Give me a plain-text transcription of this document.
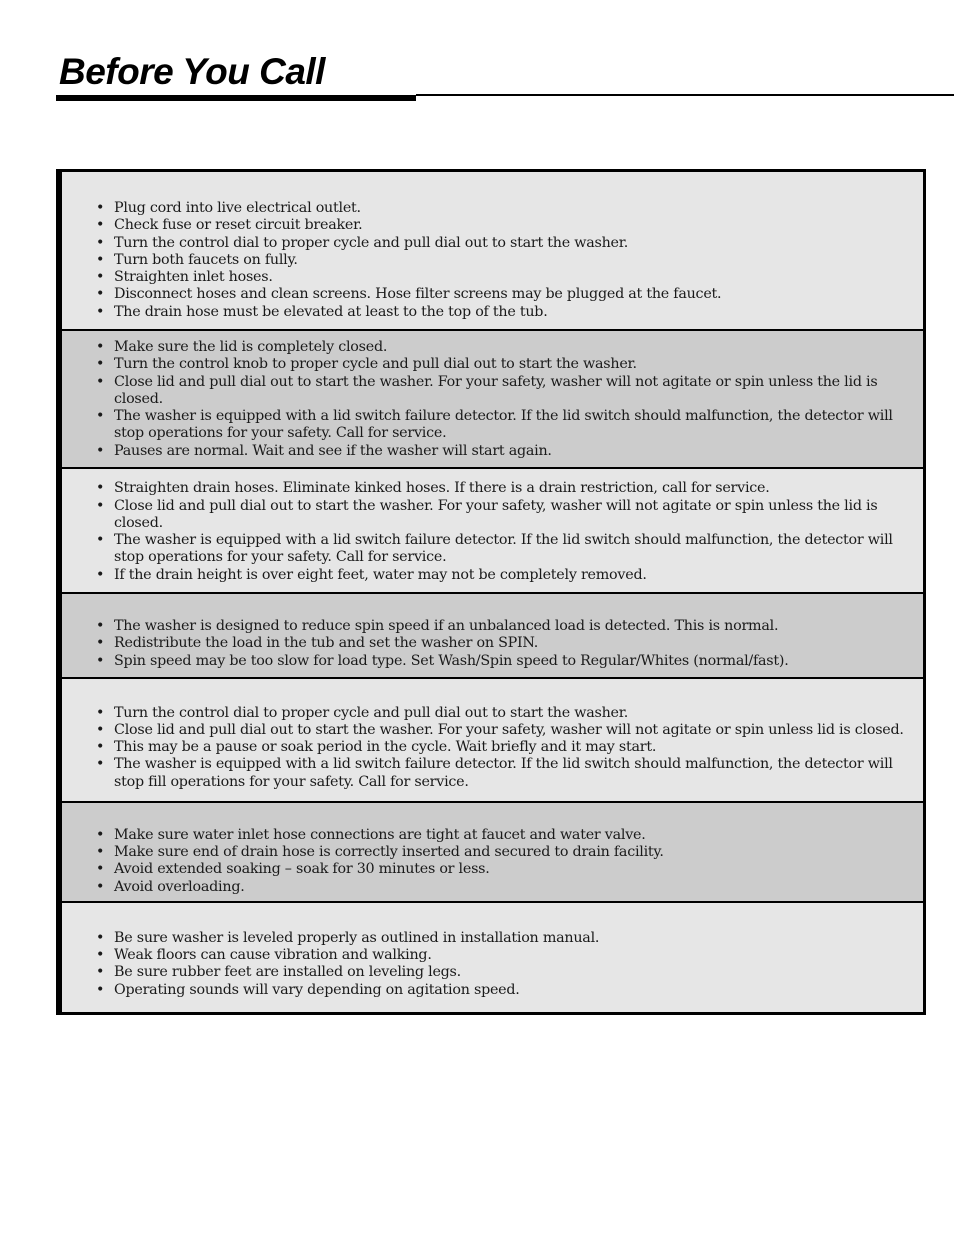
Before You Call
• Plug cord into live electrical outlet.
• Check fuse or reset circuit breaker.
• Turn the control dial to proper cycle and pull dial out to start the washer.
• Turn both faucets on fully.
• Straighten inlet hoses.
• Disconnect hoses and clean screens. Hose filter screens may be plugged at the faucet.
• The drain hose must be elevated at least to the top of the tub.
• Make sure the lid is completely closed.
• Turn the control knob to proper cycle and pull dial out to start the washer.
• Close lid and pull dial out to start the washer. For your safety, washer will not agitate or spin unless the lid is closed.
• The washer is equipped with a lid switch failure detector. If the lid switch should malfunction, the detector will stop operations for your safety. Call for service.
• Pauses are normal. Wait and see if the washer will start again.
• Straighten drain hoses. Eliminate kinked hoses. If there is a drain restriction, call for service.
• Close lid and pull dial out to start the washer. For your safety, washer will not agitate or spin unless the lid is closed.
• The washer is equipped with a lid switch failure detector. If the lid switch should malfunction, the detector will stop operations for your safety. Call for service.
• If the drain height is over eight feet, water may not be completely removed.
• The washer is designed to reduce spin speed if an unbalanced load is detected. This is normal.
• Redistribute the load in the tub and set the washer on SPIN.
• Spin speed may be too slow for load type. Set Wash/Spin speed to Regular/Whites (normal/fast).
• Turn the control dial to proper cycle and pull dial out to start the washer.
• Close lid and pull dial out to start the washer. For your safety, washer will not agitate or spin unless lid is closed.
• This may be a pause or soak period in the cycle. Wait briefly and it may start.
• The washer is equipped with a lid switch failure detector. If the lid switch should malfunction, the detector will stop fill operations for your safety. Call for service.
• Make sure water inlet hose connections are tight at faucet and water valve.
• Make sure end of drain hose is correctly inserted and secured to drain facility.
• Avoid extended soaking – soak for 30 minutes or less.
• Avoid overloading.
• Be sure washer is leveled properly as outlined in installation manual.
• Weak floors can cause vibration and walking.
• Be sure rubber feet are installed on leveling legs.
• Operating sounds will vary depending on agitation speed.
